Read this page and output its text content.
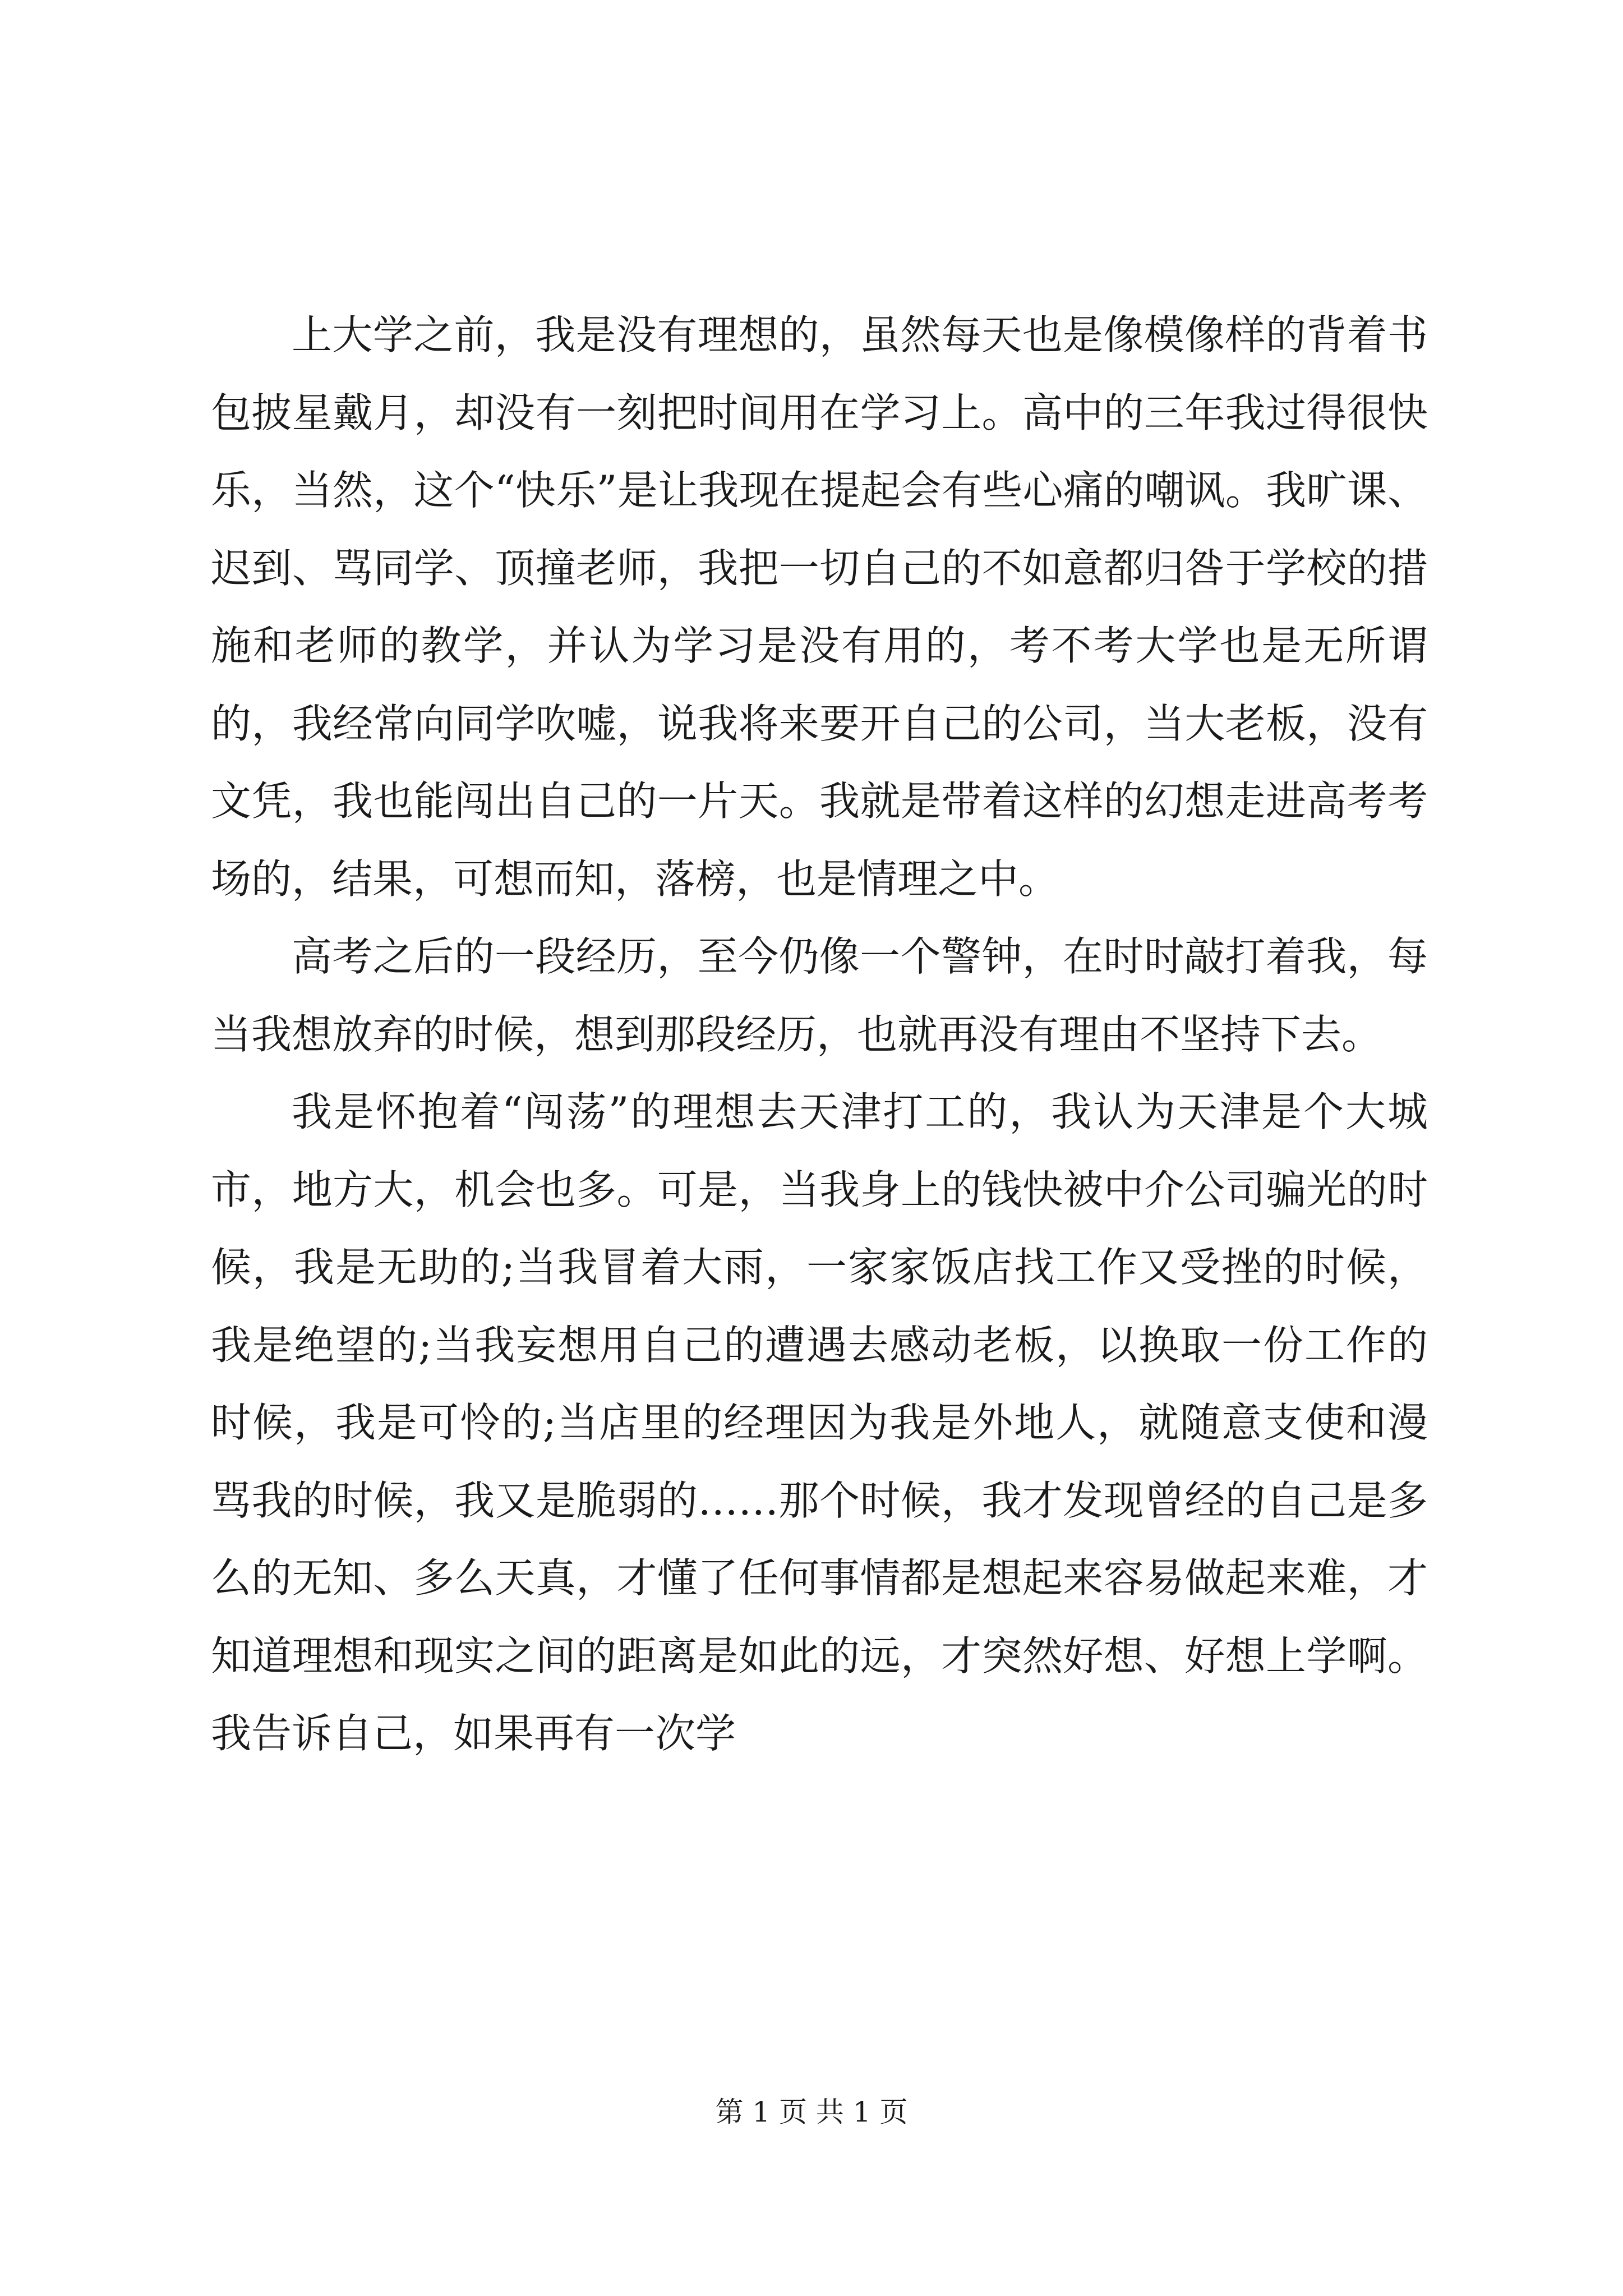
上大学之前，我是没有理想的，虽然每天也是像模像样的背着书包披星戴月，却没有一刻把时间用在学习上。高中的三年我过得很快乐，当然，这个“快乐”是让我现在提起会有些心痛的嘲讽。我旷课、迟到、骂同学、顶撞老师，我把一切自己的不如意都归咎于学校的措施和老师的教学，并认为学习是没有用的，考不考大学也是无所谓的，我经常向同学吹嘘，说我将来要开自己的公司，当大老板，没有文凭，我也能闯出自己的一片天。我就是带着这样的幻想走进高考考场的，结果，可想而知，落榜，也是情理之中。

高考之后的一段经历，至今仍像一个警钟，在时时敲打着我，每当我想放弃的时候，想到那段经历，也就再没有理由不坚持下去。

我是怀抱着“闯荡”的理想去天津打工的，我认为天津是个大城市，地方大，机会也多。可是，当我身上的钱快被中介公司骗光的时候，我是无助的;当我冒着大雨，一家家饭店找工作又受挫的时候，我是绝望的;当我妄想用自己的遭遇去感动老板，以换取一份工作的时候，我是可怜的;当店里的经理因为我是外地人，就随意支使和漫骂我的时候，我又是脆弱的……那个时候，我才发现曾经的自己是多么的无知、多么天真，才懂了任何事情都是想起来容易做起来难，才知道理想和现实之间的距离是如此的远，才突然好想、好想上学啊。我告诉自己，如果再有一次学

第 1 页 共 1 页
